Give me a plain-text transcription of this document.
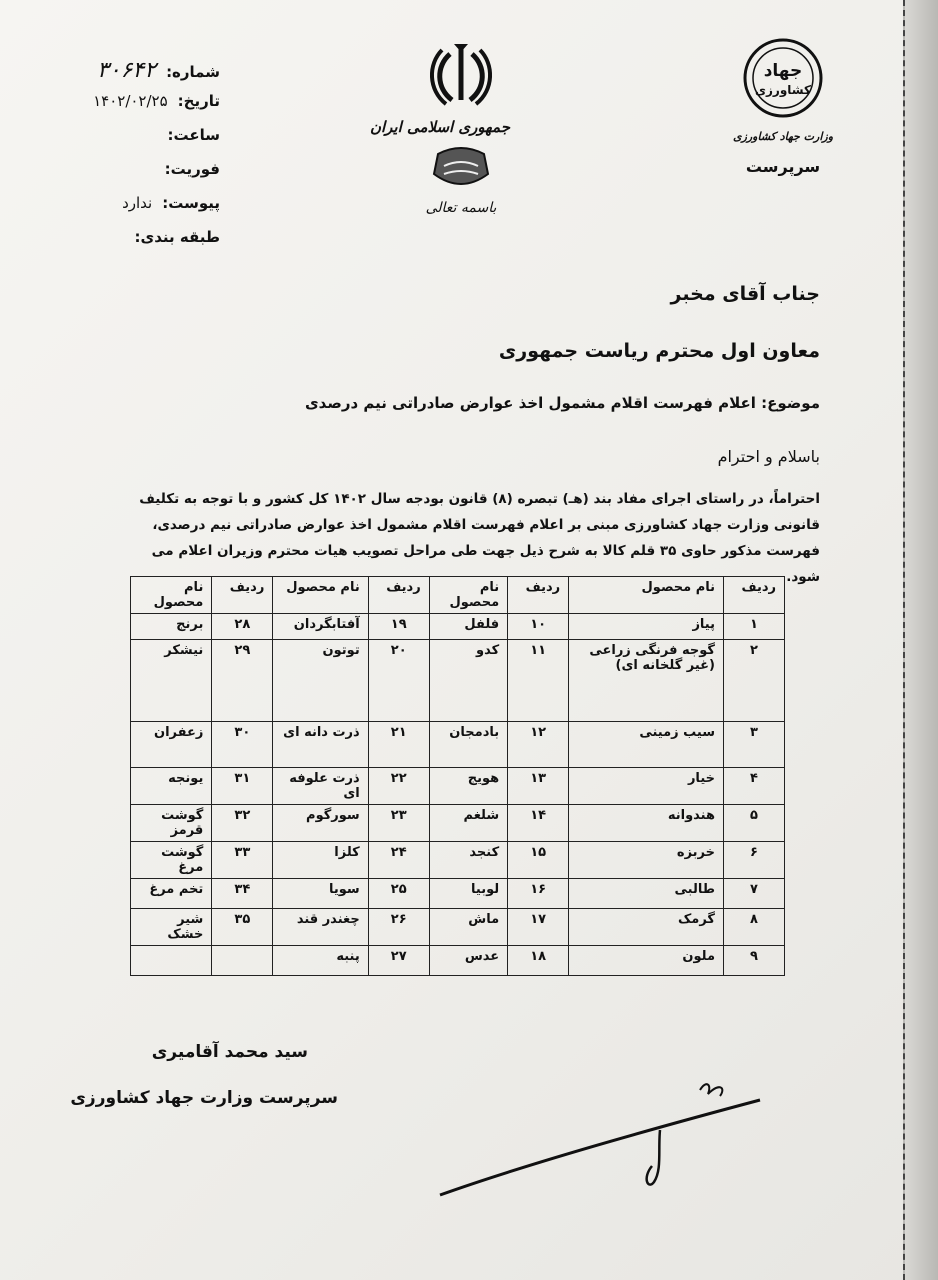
شماره:۳۰۶۴۲
تاریخ:۱۴۰۲/۰۲/۲۵
ساعت:
فوریت:
پیوست:ندارد
طبقه بندی:
جمهوری اسلامی ایران
باسمه تعالی
جهاد
کشاورزی
وزارت جهاد کشاورزی
سرپرست
جناب آقای مخبر
معاون اول محترم ریاست جمهوری
موضوع: اعلام فهرست اقلام مشمول اخذ عوارض صادراتی نیم درصدی
باسلام و احترام
احتراماً، در راستای اجرای مفاد بند (هـ) تبصره (۸) قانون بودجه سال ۱۴۰۲ کل کشور و با توجه به تکلیف قانونی وزارت جهاد کشاورزی مبنی بر اعلام فهرست اقلام مشمول اخذ عوارض صادراتی نیم درصدی، فهرست مذکور حاوی ۳۵ قلم کالا به شرح ذیل جهت طی مراحل تصویب هیات محترم وزیران اعلام می شود.
ردیف	نام محصول	ردیف	نام محصول	ردیف	نام محصول	ردیف	نام محصول
۱	پیاز	۱۰	فلفل	۱۹	آفتابگردان	۲۸	برنج
۲	گوجه فرنگی زراعی (غیر گلخانه ای)	۱۱	کدو	۲۰	توتون	۲۹	نیشکر
۳	سیب زمینی	۱۲	بادمجان	۲۱	ذرت دانه ای	۳۰	زعفران
۴	خیار	۱۳	هویج	۲۲	ذرت علوفه ای	۳۱	یونجه
۵	هندوانه	۱۴	شلغم	۲۳	سورگوم	۳۲	گوشت قرمز
۶	خربزه	۱۵	کنجد	۲۴	کلزا	۳۳	گوشت مرغ
۷	طالبی	۱۶	لوبیا	۲۵	سویا	۳۴	تخم مرغ
۸	گرمک	۱۷	ماش	۲۶	چغندر قند	۳۵	شیر خشک
۹	ملون	۱۸	عدس	۲۷	پنبه		
سید محمد آقامیری
سرپرست وزارت جهاد کشاورزی
